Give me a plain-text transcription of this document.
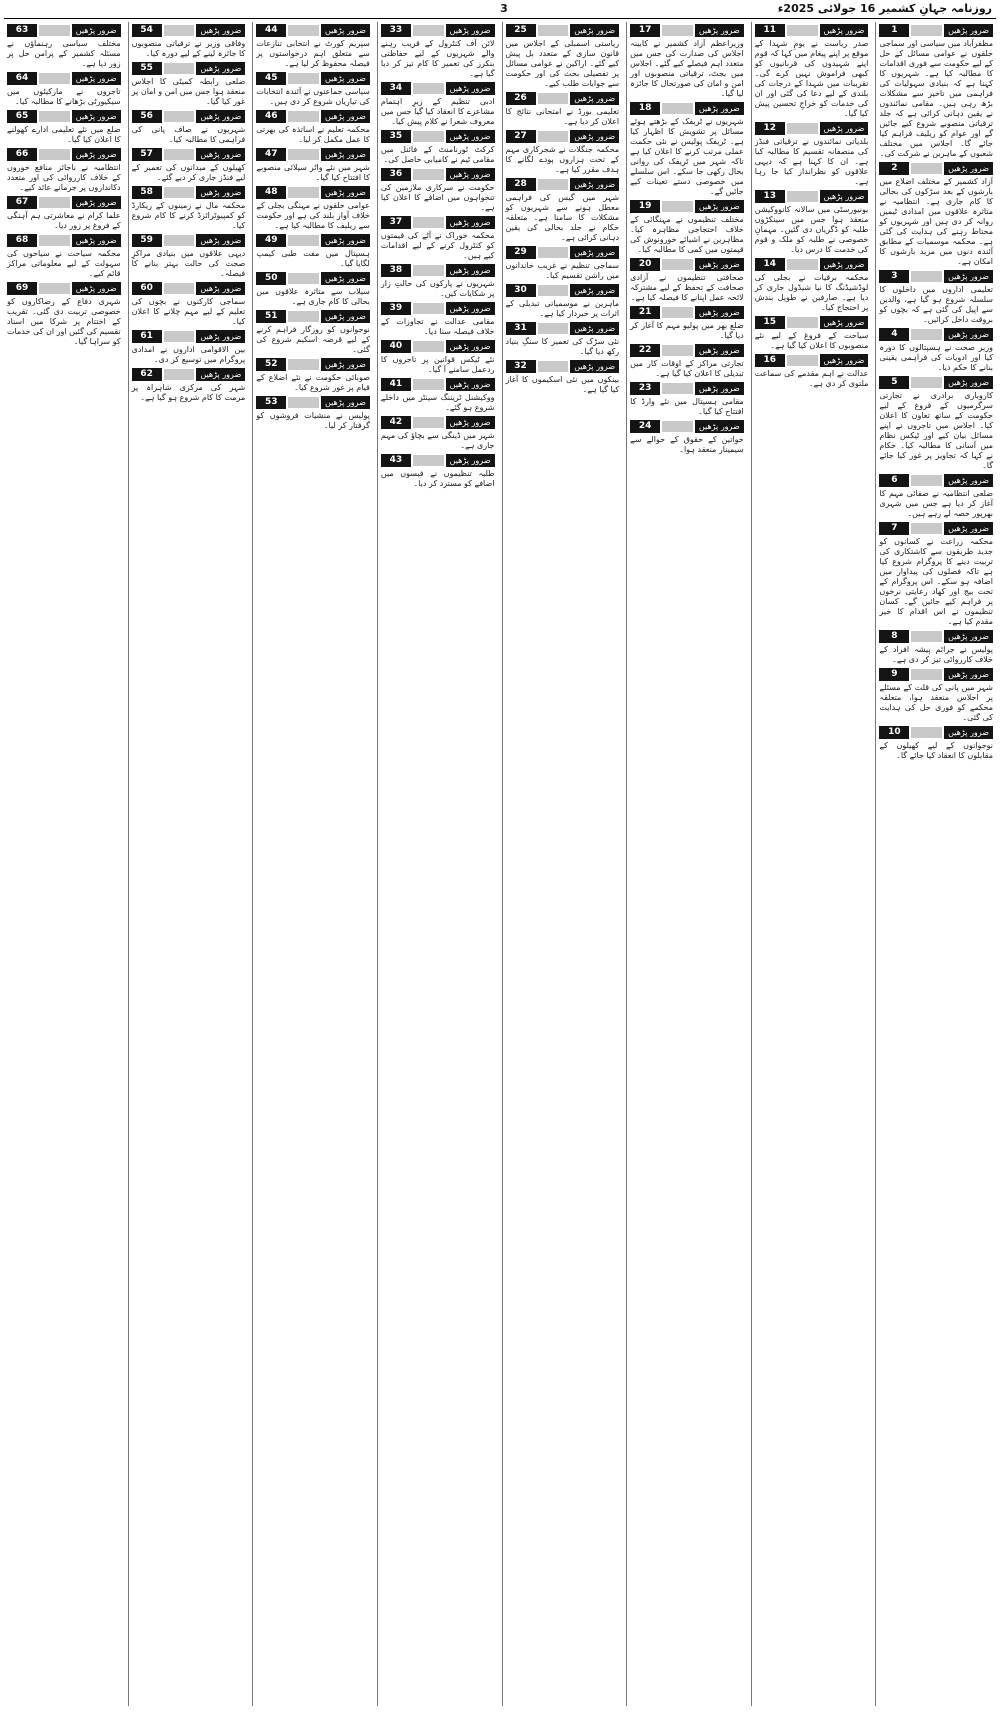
3	روزنامہ جہانِ کشمیر 16 جولائی 2025ء
ضرور پڑھیں
1
مظفرآباد میں سیاسی اور سماجی حلقوں نے عوامی مسائل کے حل کے لیے حکومت سے فوری اقدامات کا مطالبہ کیا ہے۔ شہریوں کا کہنا ہے کہ بنیادی سہولیات کی فراہمی میں تاخیر سے مشکلات بڑھ رہی ہیں۔ مقامی نمائندوں نے یقین دہانی کرائی ہے کہ جلد ترقیاتی منصوبے شروع کیے جائیں گے اور عوام کو ریلیف فراہم کیا جائے گا۔ اجلاس میں مختلف شعبوں کے ماہرین نے شرکت کی۔
ضرور پڑھیں
2
آزاد کشمیر کے مختلف اضلاع میں بارشوں کے بعد سڑکوں کی بحالی کا کام جاری ہے۔ انتظامیہ نے متاثرہ علاقوں میں امدادی ٹیمیں روانہ کر دی ہیں اور شہریوں کو محتاط رہنے کی ہدایت کی گئی ہے۔ محکمہ موسمیات کے مطابق آئندہ دنوں میں مزید بارشوں کا امکان ہے۔
ضرور پڑھیں
3
تعلیمی اداروں میں داخلوں کا سلسلہ شروع ہو گیا ہے، والدین سے اپیل کی گئی ہے کہ بچوں کو بروقت داخل کرائیں۔
ضرور پڑھیں
4
وزیر صحت نے ہسپتالوں کا دورہ کیا اور ادویات کی فراہمی یقینی بنانے کا حکم دیا۔
ضرور پڑھیں
5
کاروباری برادری نے تجارتی سرگرمیوں کے فروغ کے لیے حکومت کے ساتھ تعاون کا اعلان کیا۔ اجلاس میں تاجروں نے اپنے مسائل بیان کیے اور ٹیکس نظام میں آسانی کا مطالبہ کیا۔ حکام نے کہا کہ تجاویز پر غور کیا جائے گا۔
ضرور پڑھیں
6
ضلعی انتظامیہ نے صفائی مہم کا آغاز کر دیا ہے جس میں شہری بھرپور حصہ لے رہے ہیں۔
ضرور پڑھیں
7
محکمہ زراعت نے کسانوں کو جدید طریقوں سے کاشتکاری کی تربیت دینے کا پروگرام شروع کیا ہے تاکہ فصلوں کی پیداوار میں اضافہ ہو سکے۔ اس پروگرام کے تحت بیج اور کھاد رعایتی نرخوں پر فراہم کیے جائیں گے۔ کسان تنظیموں نے اس اقدام کا خیر مقدم کیا ہے۔
ضرور پڑھیں
8
پولیس نے جرائم پیشہ افراد کے خلاف کارروائی تیز کر دی ہے۔
ضرور پڑھیں
9
شہر میں پانی کی قلت کے مسئلے پر اجلاس منعقد ہوا، متعلقہ محکمے کو فوری حل کی ہدایت کی گئی۔
ضرور پڑھیں
10
نوجوانوں کے لیے کھیلوں کے مقابلوں کا انعقاد کیا جائے گا۔
ضرور پڑھیں
11
صدر ریاست نے یومِ شہدا کے موقع پر اپنے پیغام میں کہا کہ قوم اپنے شہیدوں کی قربانیوں کو کبھی فراموش نہیں کرے گی۔ تقریبات میں شہدا کے درجات کی بلندی کے لیے دعا کی گئی اور ان کی خدمات کو خراجِ تحسین پیش کیا گیا۔
ضرور پڑھیں
12
بلدیاتی نمائندوں نے ترقیاتی فنڈز کی منصفانہ تقسیم کا مطالبہ کیا ہے۔ ان کا کہنا ہے کہ دیہی علاقوں کو نظرانداز کیا جا رہا ہے۔
ضرور پڑھیں
13
یونیورسٹی میں سالانہ کانووکیشن منعقد ہوا جس میں سینکڑوں طلبہ کو ڈگریاں دی گئیں۔ مہمانِ خصوصی نے طلبہ کو ملک و قوم کی خدمت کا درس دیا۔
ضرور پڑھیں
14
محکمہ برقیات نے بجلی کی لوڈشیڈنگ کا نیا شیڈول جاری کر دیا ہے۔ صارفین نے طویل بندش پر احتجاج کیا۔
ضرور پڑھیں
15
سیاحت کے فروغ کے لیے نئے منصوبوں کا اعلان کیا گیا ہے۔
ضرور پڑھیں
16
عدالت نے اہم مقدمے کی سماعت ملتوی کر دی ہے۔
ضرور پڑھیں
17
وزیراعظم آزاد کشمیر نے کابینہ اجلاس کی صدارت کی جس میں متعدد اہم فیصلے کیے گئے۔ اجلاس میں بجٹ، ترقیاتی منصوبوں اور امن و امان کی صورتحال کا جائزہ لیا گیا۔
ضرور پڑھیں
18
شہریوں نے ٹریفک کے بڑھتے ہوئے مسائل پر تشویش کا اظہار کیا ہے۔ ٹریفک پولیس نے نئی حکمت عملی مرتب کرنے کا اعلان کیا ہے تاکہ شہر میں ٹریفک کی روانی بحال رکھی جا سکے۔ اس سلسلے میں خصوصی دستے تعینات کیے جائیں گے۔
ضرور پڑھیں
19
مختلف تنظیموں نے مہنگائی کے خلاف احتجاجی مظاہرہ کیا۔ مظاہرین نے اشیائے خورونوش کی قیمتوں میں کمی کا مطالبہ کیا۔
ضرور پڑھیں
20
صحافتی تنظیموں نے آزادی صحافت کے تحفظ کے لیے مشترکہ لائحہ عمل اپنانے کا فیصلہ کیا ہے۔
ضرور پڑھیں
21
ضلع بھر میں پولیو مہم کا آغاز کر دیا گیا۔
ضرور پڑھیں
22
تجارتی مراکز کے اوقات کار میں تبدیلی کا اعلان کیا گیا ہے۔
ضرور پڑھیں
23
مقامی ہسپتال میں نئے وارڈ کا افتتاح کیا گیا۔
ضرور پڑھیں
24
خواتین کے حقوق کے حوالے سے سیمینار منعقد ہوا۔
ضرور پڑھیں
25
ریاستی اسمبلی کے اجلاس میں قانون سازی کے متعدد بل پیش کیے گئے۔ اراکین نے عوامی مسائل پر تفصیلی بحث کی اور حکومت سے جوابات طلب کیے۔
ضرور پڑھیں
26
تعلیمی بورڈ نے امتحانی نتائج کا اعلان کر دیا ہے۔
ضرور پڑھیں
27
محکمہ جنگلات نے شجرکاری مہم کے تحت ہزاروں پودے لگانے کا ہدف مقرر کیا ہے۔
ضرور پڑھیں
28
شہر میں گیس کی فراہمی معطل ہونے سے شہریوں کو مشکلات کا سامنا ہے۔ متعلقہ حکام نے جلد بحالی کی یقین دہانی کرائی ہے۔
ضرور پڑھیں
29
سماجی تنظیم نے غریب خاندانوں میں راشن تقسیم کیا۔
ضرور پڑھیں
30
ماہرین نے موسمیاتی تبدیلی کے اثرات پر خبردار کیا ہے۔
ضرور پڑھیں
31
نئی سڑک کی تعمیر کا سنگِ بنیاد رکھ دیا گیا۔
ضرور پڑھیں
32
بینکوں میں نئی اسکیموں کا آغاز کیا گیا ہے۔
ضرور پڑھیں
33
لائن آف کنٹرول کے قریب رہنے والے شہریوں کے لیے حفاظتی بنکرز کی تعمیر کا کام تیز کر دیا گیا ہے۔
ضرور پڑھیں
34
ادبی تنظیم کے زیرِ اہتمام مشاعرے کا انعقاد کیا گیا جس میں معروف شعرا نے کلام پیش کیا۔
ضرور پڑھیں
35
کرکٹ ٹورنامنٹ کے فائنل میں مقامی ٹیم نے کامیابی حاصل کی۔
ضرور پڑھیں
36
حکومت نے سرکاری ملازمین کی تنخواہوں میں اضافے کا اعلان کیا ہے۔
ضرور پڑھیں
37
محکمہ خوراک نے آٹے کی قیمتوں کو کنٹرول کرنے کے لیے اقدامات کیے ہیں۔
ضرور پڑھیں
38
شہریوں نے پارکوں کی حالتِ زار پر شکایات کیں۔
ضرور پڑھیں
39
مقامی عدالت نے تجاوزات کے خلاف فیصلہ سنا دیا۔
ضرور پڑھیں
40
نئے ٹیکس قوانین پر تاجروں کا ردعمل سامنے آ گیا۔
ضرور پڑھیں
41
ووکیشنل ٹریننگ سینٹر میں داخلے شروع ہو گئے۔
ضرور پڑھیں
42
شہر میں ڈینگی سے بچاؤ کی مہم جاری ہے۔
ضرور پڑھیں
43
طلبہ تنظیموں نے فیسوں میں اضافے کو مسترد کر دیا۔
ضرور پڑھیں
44
سپریم کورٹ نے انتخابی تنازعات سے متعلق اہم درخواستوں پر فیصلہ محفوظ کر لیا ہے۔
ضرور پڑھیں
45
سیاسی جماعتوں نے آئندہ انتخابات کی تیاریاں شروع کر دی ہیں۔
ضرور پڑھیں
46
محکمہ تعلیم نے اساتذہ کی بھرتی کا عمل مکمل کر لیا۔
ضرور پڑھیں
47
شہر میں نئے واٹر سپلائی منصوبے کا افتتاح کیا گیا۔
ضرور پڑھیں
48
عوامی حلقوں نے مہنگی بجلی کے خلاف آواز بلند کی ہے اور حکومت سے ریلیف کا مطالبہ کیا ہے۔
ضرور پڑھیں
49
ہسپتال میں مفت طبی کیمپ لگایا گیا۔
ضرور پڑھیں
50
سیلاب سے متاثرہ علاقوں میں بحالی کا کام جاری ہے۔
ضرور پڑھیں
51
نوجوانوں کو روزگار فراہم کرنے کے لیے قرضہ اسکیم شروع کی گئی۔
ضرور پڑھیں
52
صوبائی حکومت نے نئے اضلاع کے قیام پر غور شروع کیا۔
ضرور پڑھیں
53
پولیس نے منشیات فروشوں کو گرفتار کر لیا۔
ضرور پڑھیں
54
وفاقی وزیر نے ترقیاتی منصوبوں کا جائزہ لینے کے لیے دورہ کیا۔
ضرور پڑھیں
55
ضلعی رابطہ کمیٹی کا اجلاس منعقد ہوا جس میں امن و امان پر غور کیا گیا۔
ضرور پڑھیں
56
شہریوں نے صاف پانی کی فراہمی کا مطالبہ کیا۔
ضرور پڑھیں
57
کھیلوں کے میدانوں کی تعمیر کے لیے فنڈز جاری کر دیے گئے۔
ضرور پڑھیں
58
محکمہ مال نے زمینوں کے ریکارڈ کو کمپیوٹرائزڈ کرنے کا کام شروع کیا۔
ضرور پڑھیں
59
دیہی علاقوں میں بنیادی مراکزِ صحت کی حالت بہتر بنانے کا فیصلہ۔
ضرور پڑھیں
60
سماجی کارکنوں نے بچوں کی تعلیم کے لیے مہم چلانے کا اعلان کیا۔
ضرور پڑھیں
61
بین الاقوامی اداروں نے امدادی پروگرام میں توسیع کر دی۔
ضرور پڑھیں
62
شہر کی مرکزی شاہراہ پر مرمت کا کام شروع ہو گیا ہے۔
ضرور پڑھیں
63
مختلف سیاسی رہنماؤں نے مسئلہ کشمیر کے پرامن حل پر زور دیا ہے۔
ضرور پڑھیں
64
تاجروں نے مارکیٹوں میں سیکیورٹی بڑھانے کا مطالبہ کیا۔
ضرور پڑھیں
65
ضلع میں نئے تعلیمی ادارے کھولنے کا اعلان کیا گیا۔
ضرور پڑھیں
66
انتظامیہ نے ناجائز منافع خوروں کے خلاف کارروائی کی اور متعدد دکانداروں پر جرمانے عائد کیے۔
ضرور پڑھیں
67
علما کرام نے معاشرتی ہم آہنگی کے فروغ پر زور دیا۔
ضرور پڑھیں
68
محکمہ سیاحت نے سیاحوں کی سہولت کے لیے معلوماتی مراکز قائم کیے۔
ضرور پڑھیں
69
شہری دفاع کے رضاکاروں کو خصوصی تربیت دی گئی۔ تقریب کے اختتام پر شرکا میں اسناد تقسیم کی گئیں اور ان کی خدمات کو سراہا گیا۔
